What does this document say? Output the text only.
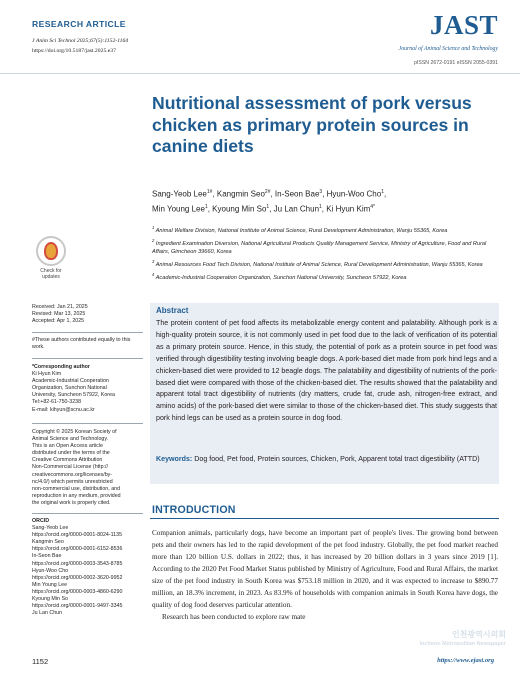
RESEARCH ARTICLE
J Anim Sci Technol 2025;67(5):1152-1164
https://doi.org/10.5187/jast.2025.e37
JAST
Journal of Animal Science and Technology
pISSN 2672-0191 eISSN 2055-0391
Nutritional assessment of pork versus chicken as primary protein sources in canine diets
Sang-Yeob Lee$^{1\#}$, Kangmin Seo$^{2\#}$, In-Seon Bae$^3$, Hyun-Woo Cho$^1$,
Min Young Lee$^1$, Kyoung Min So$^1$, Ju Lan Chun$^1$, Ki Hyun Kim$^{4*}$

$^1$ Animal Welfare Division, National Institute of Animal Science, Rural Development Administration, Wanju 55365, Korea

$^2$ Ingredient Examination Diversion, National Agricultural Products Quality Management Service, Ministry of Agriculture, Food and Rural Affairs, Gimcheon 39660, Korea

$^3$ Animal Resources Food Tech Division, National Institute of Animal Science, Rural Development Administration, Wanju 55365, Korea

$^4$ Academic-Industrial Cooperation Organization, Sunchon National University, Suncheon 57922, Korea

Check for
updates
Received: Jan 21, 2025
Revised: Mar 13, 2025
Accepted: Apr 1, 2025
#These authors contributed equally to this work.
*Corresponding author
Ki Hyun Kim
Academic-Industrial Cooperation
Organization, Sunchon National
University, Suncheon 57922, Korea
Tel:+82-61-750-3238
E-mail: kihyun@scnu.ac.kr
Copyright © 2025 Korean Society of
Animal Science and Technology.
This is an Open Access article
distributed under the terms of the
Creative Commons Attribution
Non-Commercial License (http://
creativecommons.org/licenses/by-
nc/4.0/) which permits unrestricted
non-commercial use, distribution, and
reproduction in any medium, provided
the original work is properly cited.
ORCID
Sang-Yeob Lee
https://orcid.org/0000-0001-8024-1135
Kangmin Seo
https://orcid.org/0000-0001-6152-8536
In-Seon Bae
https://orcid.org/0000-0003-3543-8785
Hyun-Woo Cho
https://orcid.org/0000-0002-3620-9952
Min Young Lee
https://orcid.org/0000-0003-4860-6290
Kyoung Min So
https://orcid.org/0000-0001-9497-3345
Ju Lan Chun
Abstract
The protein content of pet food affects its metabolizable energy content and palatability. Although pork is a high-quality protein source, it is not commonly used in pet food due to the lack of verification of its potential as a primary protein source. Hence, in this study, the potential of pork as a protein source in pet food was verified through digestibility testing involving beagle dogs. A pork-based diet made from pork hind legs and a chicken-based diet were provided to 12 beagle dogs. The palatability and digestibility of nutrients of the pork-based diet were compared with those of the chicken-based diet. The results showed that the palatability and apparent total tract digestibility of nutrients (dry matters, crude fat, crude ash, nitrogen-free extract, and amino acids) of the pork-based diet were similar to those of the chicken-based diet. This study suggests that pork hind legs can be used as a protein source in dog food.
Keywords: Dog food, Pet food, Protein sources, Chicken, Pork, Apparent total tract digestibility (ATTD)
INTRODUCTION

Companion animals, particularly dogs, have become an important part of people's lives. The growing bond between pets and their owners has led to the rapid development of the pet food industry. Globally, the pet food market reached more than 120 billion U.S. dollars in 2022; thus, it has increased by 20 billion dollars in 3 years since 2019 [1]. According to the 2020 Pet Food Market Status published by Ministry of Agriculture, Food and Rural Affairs, the market size of the pet food industry in South Korea was $753.18 million in 2020, and it was expected to increase to $890.77 million, an 18.3% increment, in 2023. As 83.9% of households with companion animals in South Korea have dogs, the quality of dog food deserves particular attention.

Research has been conducted to explore raw mate

인천광역시의회
Incheon Metropolitan Newspaper
1152	https://www.ejast.org
